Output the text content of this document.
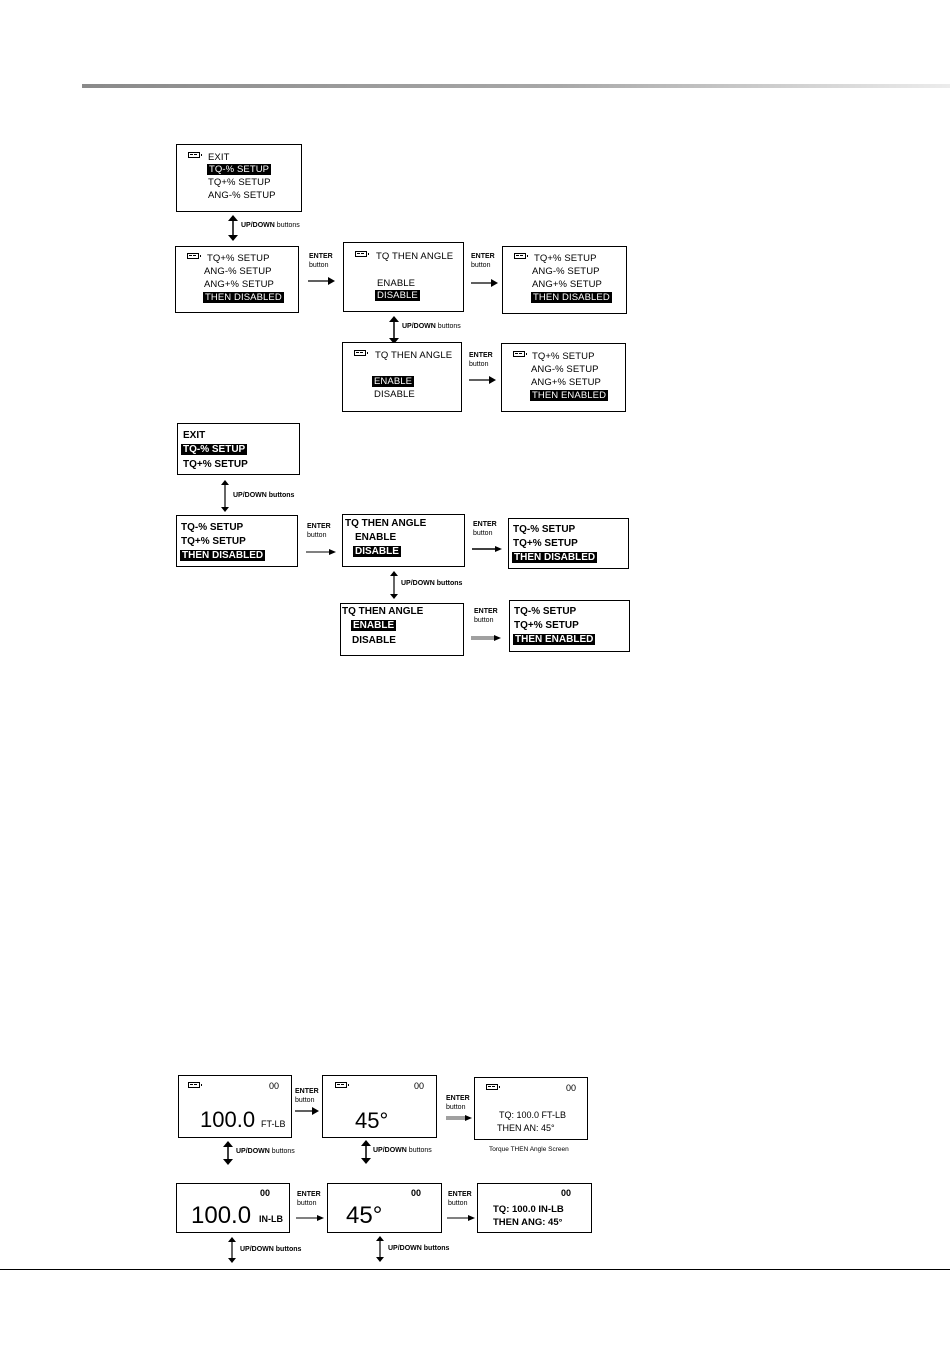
EXIT
TQ-% SETUP
TQ+% SETUP
ANG-% SETUP
UP/DOWN buttons
TQ+% SETUP
ANG-% SETUP
ANG+% SETUP
THEN DISABLED
ENTER
button
TQ THEN ANGLE
ENABLE
DISABLE
ENTER
button
TQ+% SETUP
ANG-% SETUP
ANG+% SETUP
THEN DISABLED
UP/DOWN buttons
TQ THEN ANGLE
ENABLE
DISABLE
ENTER
button
TQ+% SETUP
ANG-% SETUP
ANG+% SETUP
THEN ENABLED
EXIT
TQ-% SETUP
TQ+% SETUP
UP/DOWN buttons
TQ-% SETUP
TQ+% SETUP
THEN DISABLED
ENTER
button
TQ THEN ANGLE
ENABLE
DISABLE
ENTER
button	TQ-% SETUP
TQ+% SETUP
THEN DISABLED
UP/DOWN buttons
TQ THEN ANGLE
ENABLE
DISABLE
ENTER
button
TQ-% SETUP
TQ+% SETUP
THEN ENABLED
00
100.0 FT-LB
ENTER
button
00
45°
ENTER
button
00
TQ: 100.0 FT-LB
THEN AN: 45°
Torque THEN Angle Screen
UP/DOWN buttons	UP/DOWN buttons
00
100.0 IN-LB
ENTER
button
00
45°
ENTER
button
00
TQ: 100.0 IN-LB
THEN ANG: 45°
UP/DOWN buttons	UP/DOWN buttons
